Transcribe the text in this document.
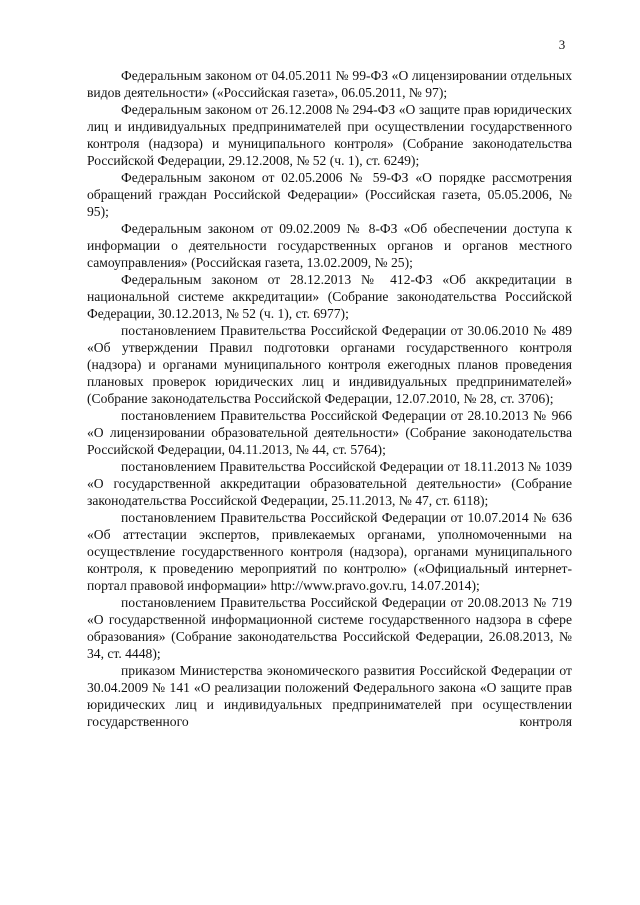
3

Федеральным законом от 04.05.2011 № 99-ФЗ «О лицензировании отдельных видов деятельности» («Российская газета», 06.05.2011, № 97);

Федеральным законом от 26.12.2008 № 294-ФЗ «О защите прав юридических лиц и индивидуальных предпринимателей при осуществлении государственного контроля (надзора) и муниципального контроля» (Собрание законодательства Российской Федерации, 29.12.2008, № 52 (ч. 1), ст. 6249);

Федеральным законом от 02.05.2006 № 59-ФЗ «О порядке рассмотрения обращений граждан Российской Федерации» (Российская газета, 05.05.2006, № 95);

Федеральным законом от 09.02.2009 № 8-ФЗ «Об обеспечении доступа к информации о деятельности государственных органов и органов местного самоуправления» (Российская газета, 13.02.2009, № 25);

Федеральным законом от 28.12.2013 № 412-ФЗ «Об аккредитации в национальной системе аккредитации» (Собрание законодательства Российской Федерации, 30.12.2013, № 52 (ч. 1), ст. 6977);

постановлением Правительства Российской Федерации от 30.06.2010 № 489 «Об утверждении Правил подготовки органами государственного контроля (надзора) и органами муниципального контроля ежегодных планов проведения плановых проверок юридических лиц и индивидуальных предпринимателей» (Собрание законодательства Российской Федерации, 12.07.2010, № 28, ст. 3706);

постановлением Правительства Российской Федерации от 28.10.2013 № 966 «О лицензировании образовательной деятельности» (Собрание законодательства Российской Федерации, 04.11.2013, № 44, ст. 5764);

постановлением Правительства Российской Федерации от 18.11.2013 № 1039 «О государственной аккредитации образовательной деятельности» (Собрание законодательства Российской Федерации, 25.11.2013, № 47, ст. 6118);

постановлением Правительства Российской Федерации от 10.07.2014 № 636 «Об аттестации экспертов, привлекаемых органами, уполномоченными на осуществление государственного контроля (надзора), органами муниципального контроля, к проведению мероприятий по контролю» («Официальный интернет-портал правовой информации» http://www.pravo.gov.ru, 14.07.2014);

постановлением Правительства Российской Федерации от 20.08.2013 № 719 «О государственной информационной системе государственного надзора в сфере образования» (Собрание законодательства Российской Федерации, 26.08.2013, № 34, ст. 4448);

приказом Министерства экономического развития Российской Федерации от 30.04.2009 № 141 «О реализации положений Федерального закона «О защите прав юридических лиц и индивидуальных предпринимателей при осуществлении государственного контроля
